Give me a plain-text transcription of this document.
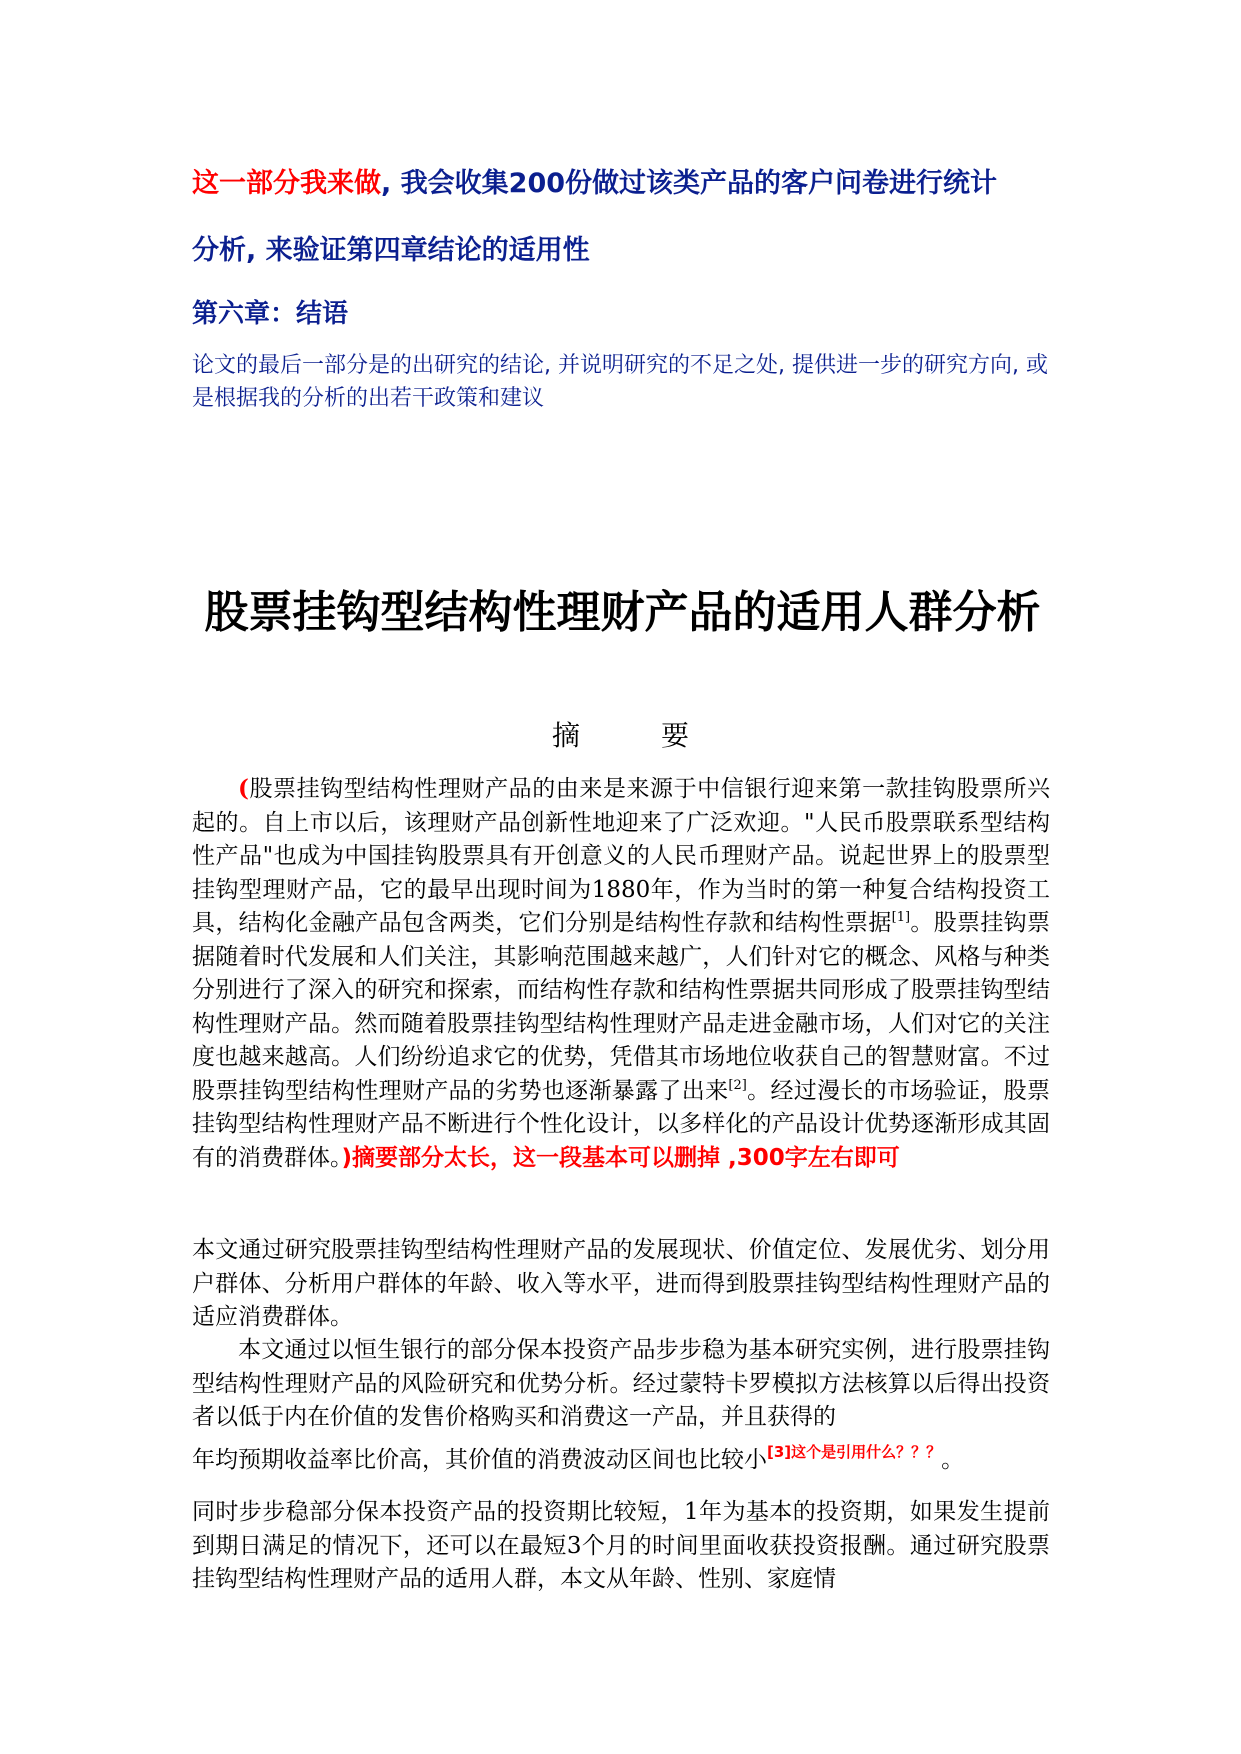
这一部分我来做, 我会收集200份做过该类产品的客户问卷进行统计
分析, 来验证第四章结论的适用性
第六章：结语
论文的最后一部分是的出研究的结论, 并说明研究的不足之处, 提供进一步的研究方向, 或是根据我的分析的出若干政策和建议
股票挂钩型结构性理财产品的适用人群分析
摘 要
(股票挂钩型结构性理财产品的由来是来源于中信银行迎来第一款挂钩股票所兴起的。自上市以后，该理财产品创新性地迎来了广泛欢迎。"人民币股票联系型结构性产品"也成为中国挂钩股票具有开创意义的人民币理财产品。说起世界上的股票型挂钩型理财产品，它的最早出现时间为1880年，作为当时的第一种复合结构投资工具，结构化金融产品包含两类，它们分别是结构性存款和结构性票据[1]。股票挂钩票据随着时代发展和人们关注，其影响范围越来越广，人们针对它的概念、风格与种类分别进行了深入的研究和探索，而结构性存款和结构性票据共同形成了股票挂钩型结构性理财产品。然而随着股票挂钩型结构性理财产品走进金融市场，人们对它的关注度也越来越高。人们纷纷追求它的优势，凭借其市场地位收获自己的智慧财富。不过股票挂钩型结构性理财产品的劣势也逐渐暴露了出来[2]。经过漫长的市场验证，股票挂钩型结构性理财产品不断进行个性化设计，以多样化的产品设计优势逐渐形成其固有的消费群体。)摘要部分太长，这一段基本可以删掉 ,300字左右即可
本文通过研究股票挂钩型结构性理财产品的发展现状、价值定位、发展优劣、划分用户群体、分析用户群体的年龄、收入等水平，进而得到股票挂钩型结构性理财产品的适应消费群体。
本文通过以恒生银行的部分保本投资产品步步稳为基本研究实例，进行股票挂钩型结构性理财产品的风险研究和优势分析。经过蒙特卡罗模拟方法核算以后得出投资者以低于内在价值的发售价格购买和消费这一产品，并且获得的
年均预期收益率比价高，其价值的消费波动区间也比较小$^{[3]这个是引用什么???}$。
同时步步稳部分保本投资产品的投资期比较短，1年为基本的投资期，如果发生提前到期日满足的情况下，还可以在最短3个月的时间里面收获投资报酬。通过研究股票挂钩型结构性理财产品的适用人群，本文从年龄、性别、家庭情
